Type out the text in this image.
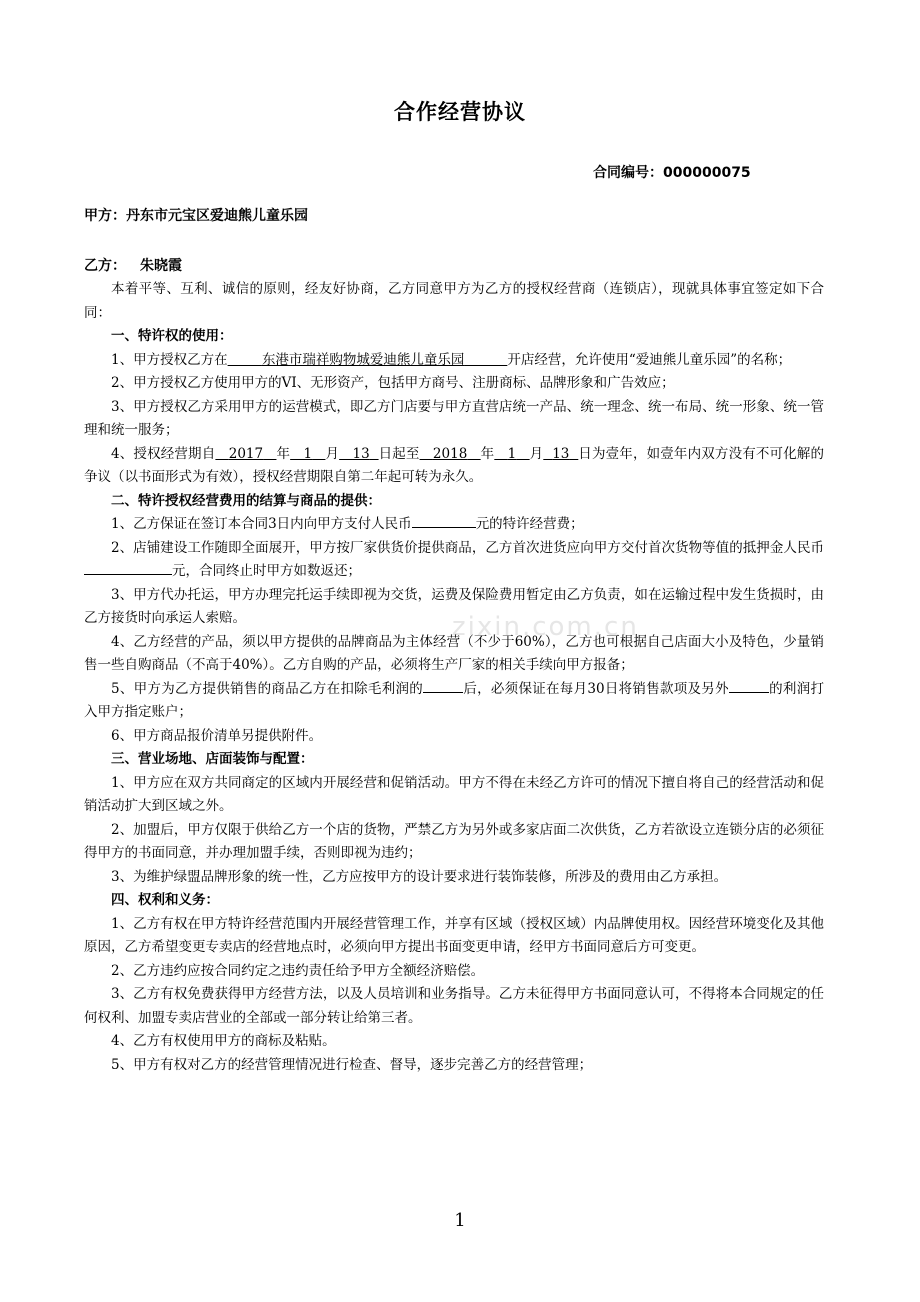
zixin.com.cn
合作经营协议
合同编号：000000075
甲方：丹东市元宝区爱迪熊儿童乐园
乙方： 朱晓霞

本着平等、互利、诚信的原则，经友好协商，乙方同意甲方为乙方的授权经营商（连锁店），现就具体事宜签定如下合同：

一、特许权的使用：

1、甲方授权乙方在	东港市瑞祥购物城爱迪熊儿童乐园	开店经营，允许使用“爱迪熊儿童乐园”的名称；

2、甲方授权乙方使用甲方的VI、无形资产，包括甲方商号、注册商标、品牌形象和广告效应；

3、甲方授权乙方采用甲方的运营模式，即乙方门店要与甲方直营店统一产品、统一理念、统一布局、统一形象、统一管理和统一服务；

4、授权经营期自 2017 年 1 月 13 日起至 2018 年 1 月 13 日为壹年，如壹年内双方没有不可化解的争议（以书面形式为有效），授权经营期限自第二年起可转为永久。

二、特许授权经营费用的结算与商品的提供：

1、乙方保证在签订本合同3日内向甲方支付人民币	元的特许经营费；

2、店铺建设工作随即全面展开，甲方按厂家供货价提供商品，乙方首次进货应向甲方交付首次货物等值的抵押金人民币元，合同终止时甲方如数返还；

3、甲方代办托运，甲方办理完托运手续即视为交货，运费及保险费用暂定由乙方负责，如在运输过程中发生货损时，由乙方接货时向承运人索赔。

4、乙方经营的产品，须以甲方提供的品牌商品为主体经营（不少于60%），乙方也可根据自己店面大小及特色，少量销售一些自购商品（不高于40%）。乙方自购的产品，必须将生产厂家的相关手续向甲方报备；

5、甲方为乙方提供销售的商品乙方在扣除毛利润的	后，必须保证在每月30日将销售款项及另外	的利润打入甲方指定账户；

6、甲方商品报价清单另提供附件。

三、营业场地、店面装饰与配置：

1、甲方应在双方共同商定的区域内开展经营和促销活动。甲方不得在未经乙方许可的情况下擅自将自己的经营活动和促销活动扩大到区域之外。

2、加盟后，甲方仅限于供给乙方一个店的货物，严禁乙方为另外或多家店面二次供货，乙方若欲设立连锁分店的必须征得甲方的书面同意，并办理加盟手续，否则即视为违约；

3、为维护绿盟品牌形象的统一性，乙方应按甲方的设计要求进行装饰装修，所涉及的费用由乙方承担。

四、权利和义务：

1、乙方有权在甲方特许经营范围内开展经营管理工作，并享有区域（授权区域）内品牌使用权。因经营环境变化及其他原因，乙方希望变更专卖店的经营地点时，必须向甲方提出书面变更申请，经甲方书面同意后方可变更。

2、乙方违约应按合同约定之违约责任给予甲方全额经济赔偿。

3、乙方有权免费获得甲方经营方法，以及人员培训和业务指导。乙方未征得甲方书面同意认可，不得将本合同规定的任何权利、加盟专卖店营业的全部或一部分转让给第三者。

4、乙方有权使用甲方的商标及粘贴。

5、甲方有权对乙方的经营管理情况进行检查、督导，逐步完善乙方的经营管理；

1
